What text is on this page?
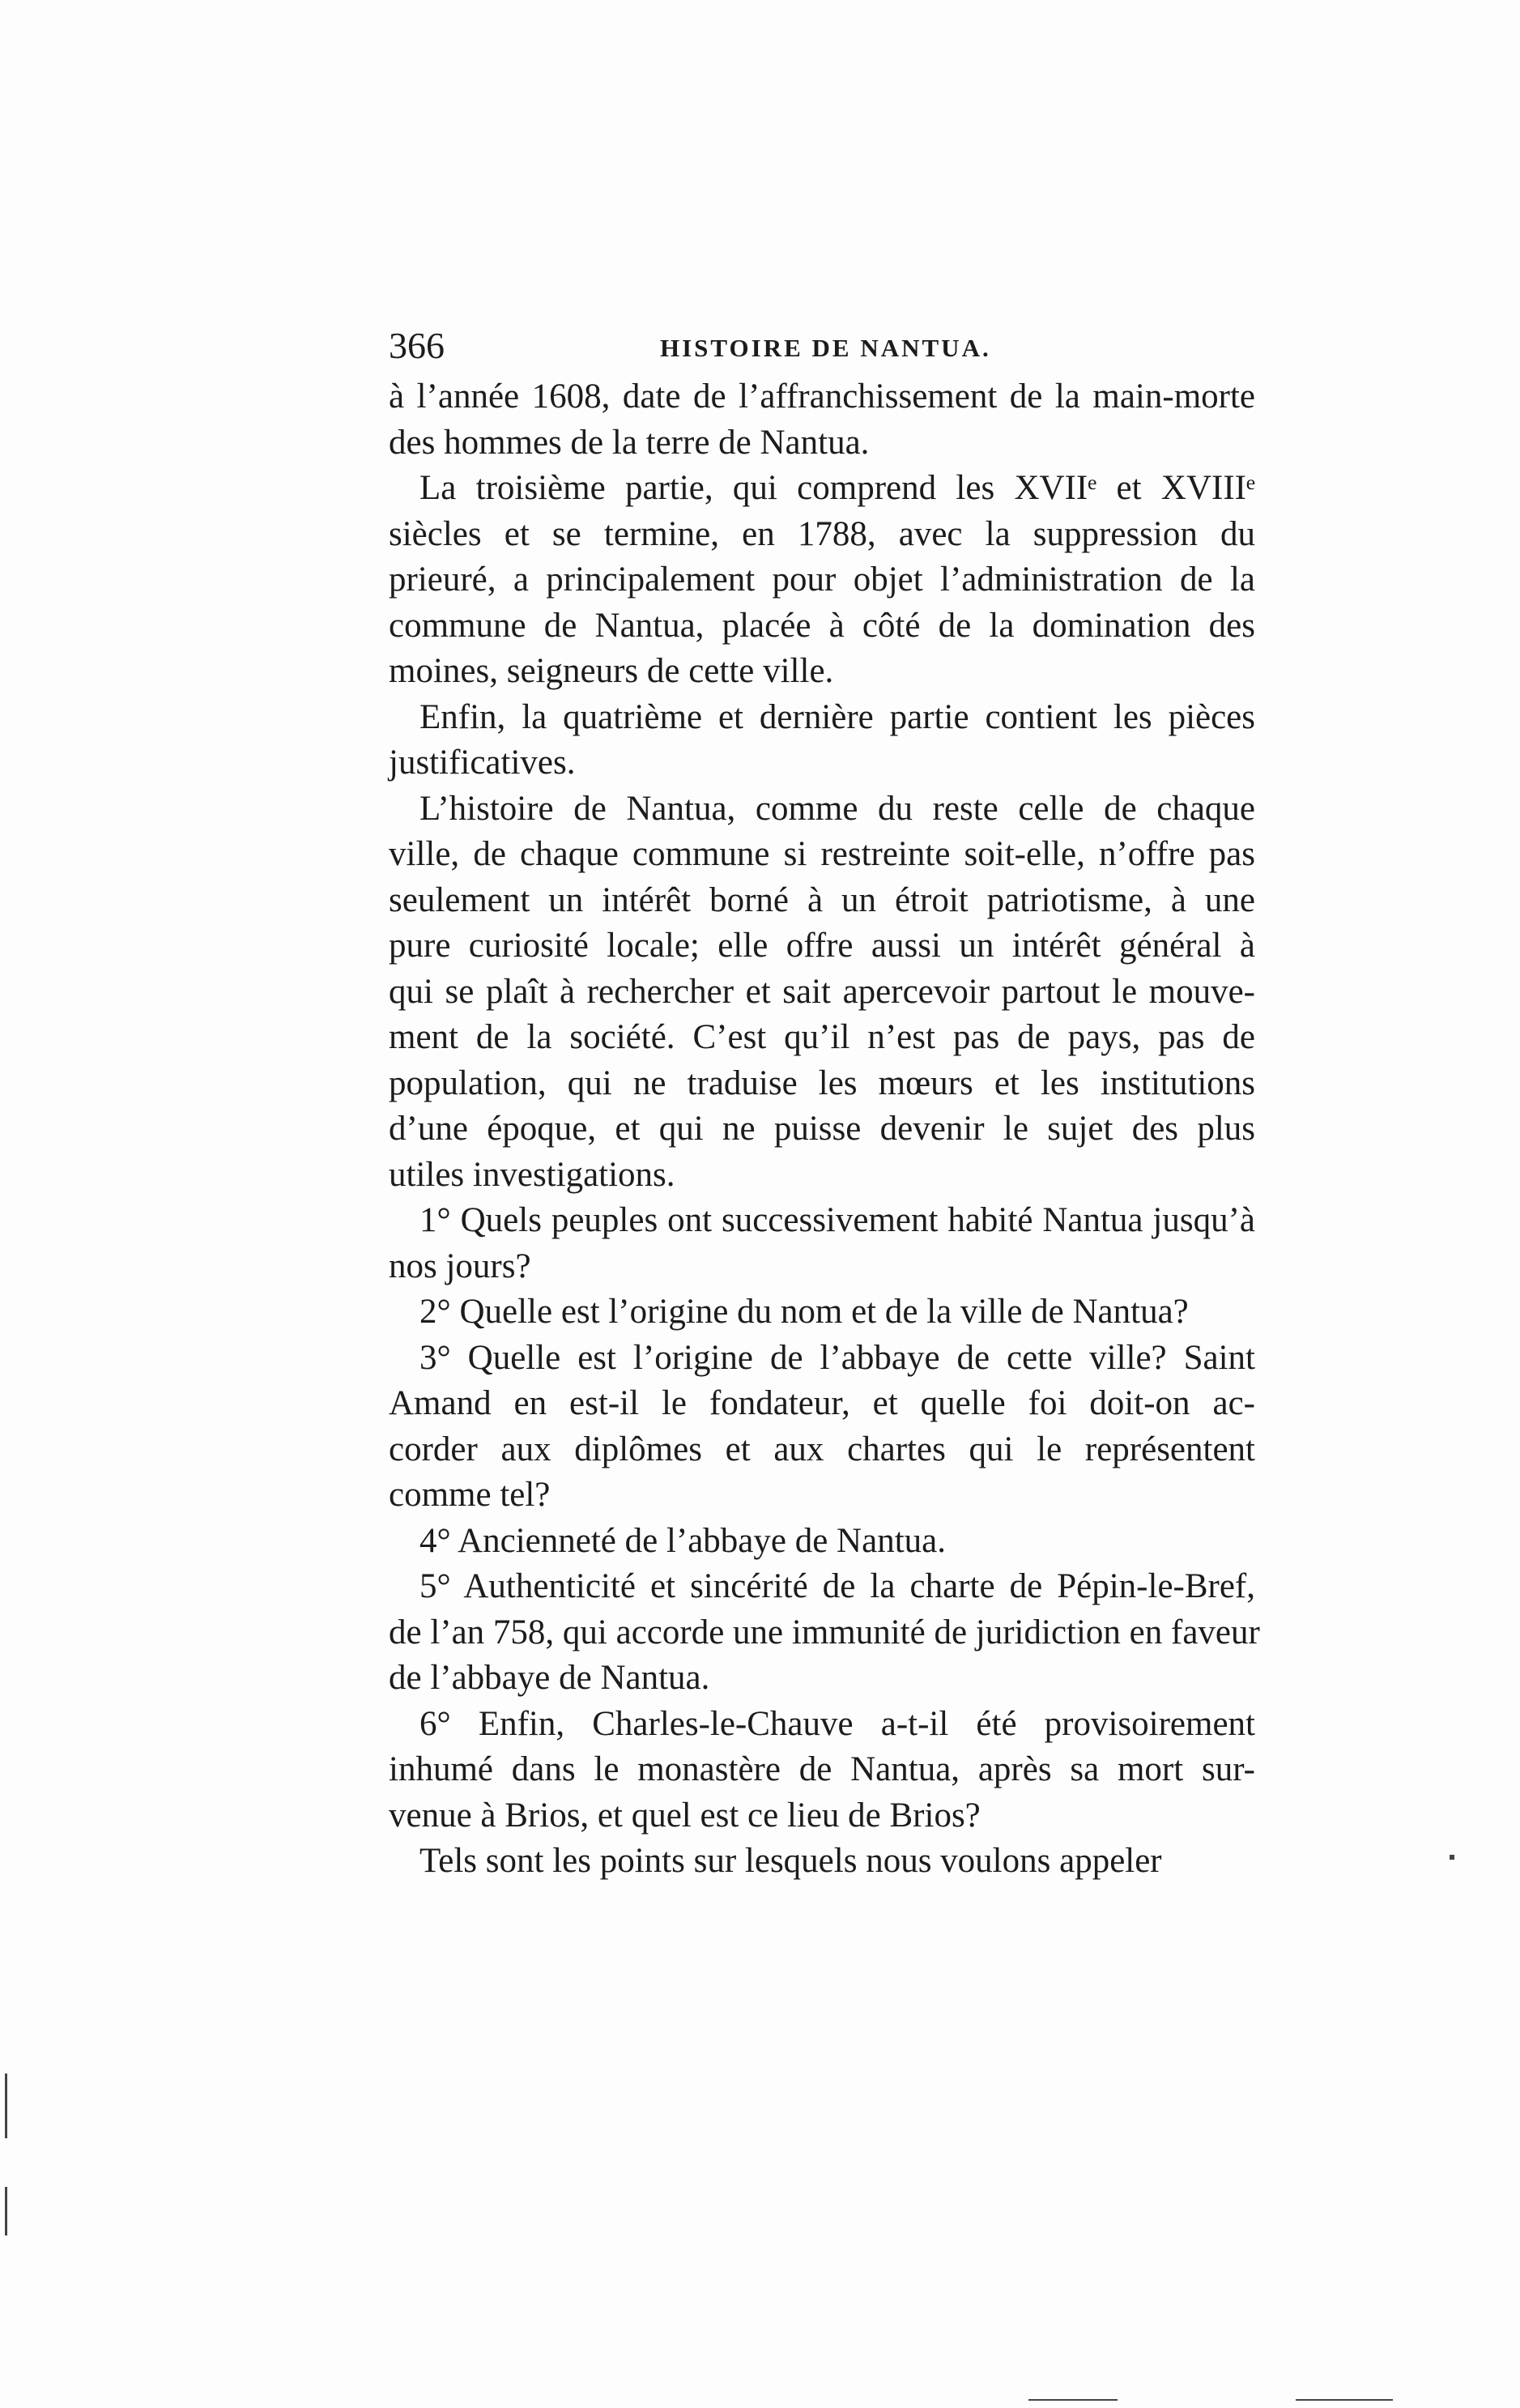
366	HISTOIRE DE NANTUA.
à l’année 1608, date de l’affranchissement de la main-morte
des hommes de la terre de Nantua.
La troisième partie, qui comprend les XVIIᵉ et XVIIIᵉ
siècles et se termine, en 1788, avec la suppression du
prieuré, a principalement pour objet l’administration de la
commune de Nantua, placée à côté de la domination des
moines, seigneurs de cette ville.
Enfin, la quatrième et dernière partie contient les pièces
justificatives.
L’histoire de Nantua, comme du reste celle de chaque
ville, de chaque commune si restreinte soit-elle, n’offre pas
seulement un intérêt borné à un étroit patriotisme, à une
pure curiosité locale; elle offre aussi un intérêt général à
qui se plaît à rechercher et sait apercevoir partout le mouve-
ment de la société. C’est qu’il n’est pas de pays, pas de
population, qui ne traduise les mœurs et les institutions
d’une époque, et qui ne puisse devenir le sujet des plus
utiles investigations.
1° Quels peuples ont successivement habité Nantua jusqu’à
nos jours?
2° Quelle est l’origine du nom et de la ville de Nantua?
3° Quelle est l’origine de l’abbaye de cette ville? Saint
Amand en est-il le fondateur, et quelle foi doit-on ac-
corder aux diplômes et aux chartes qui le représentent
comme tel?
4° Ancienneté de l’abbaye de Nantua.
5° Authenticité et sincérité de la charte de Pépin-le-Bref,
de l’an 758, qui accorde une immunité de juridiction en faveur
de l’abbaye de Nantua.
6° Enfin, Charles-le-Chauve a-t-il été provisoirement
inhumé dans le monastère de Nantua, après sa mort sur-
venue à Brios, et quel est ce lieu de Brios?
Tels sont les points sur lesquels nous voulons appeler
